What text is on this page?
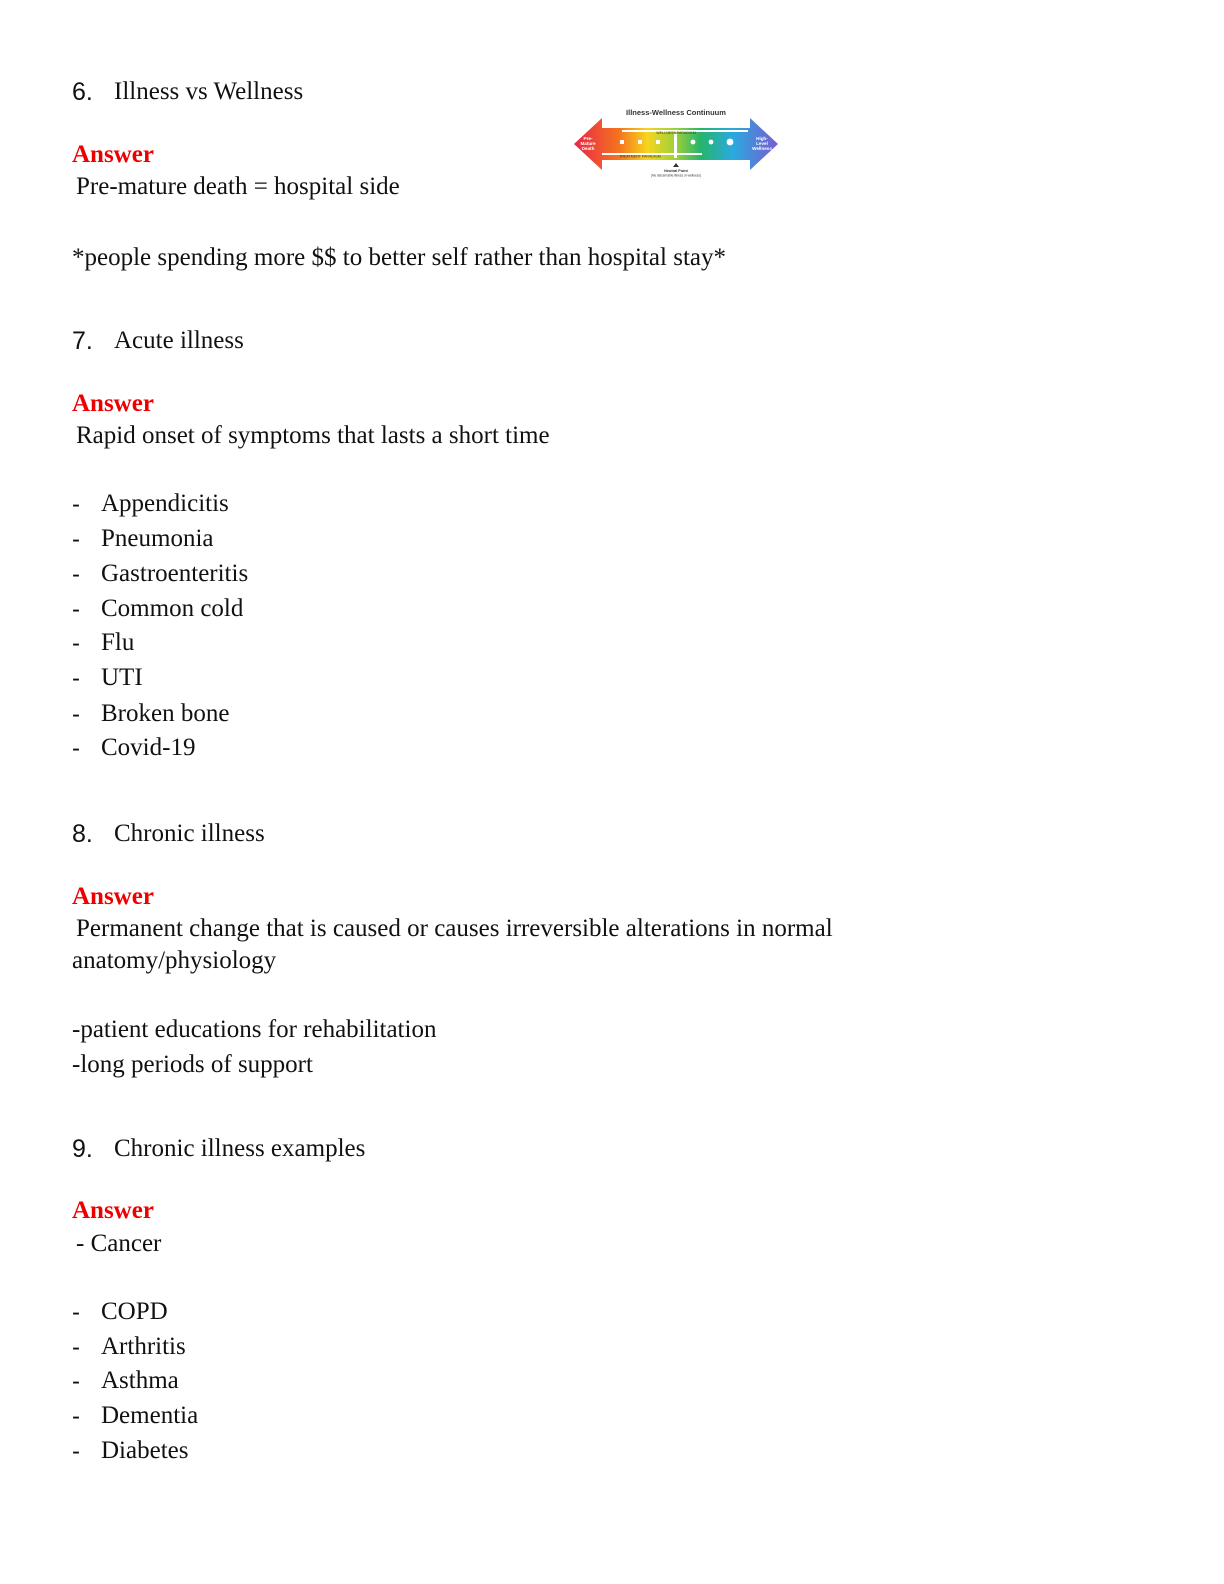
6. Illness vs Wellness
Answer
Pre-mature death = hospital side
*people spending more $$ to better self rather than hospital stay*
Illness-Wellness Continuum
WELLNESS PARADIGM
TREATMENT PARADIGM
Pre-
Mature
Death
High-
Level
Wellness
Neutral Point
(No discernable illness or wellness)
7. Acute illness
Answer
Rapid onset of symptoms that lasts a short time
- Appendicitis
- Pneumonia
- Gastroenteritis
- Common cold
- Flu
- UTI
- Broken bone
- Covid-19
8. Chronic illness
Answer
Permanent change that is caused or causes irreversible alterations in normal
anatomy/physiology
-patient educations for rehabilitation
-long periods of support
9. Chronic illness examples
Answer
- Cancer
- COPD
- Arthritis
- Asthma
- Dementia
- Diabetes
